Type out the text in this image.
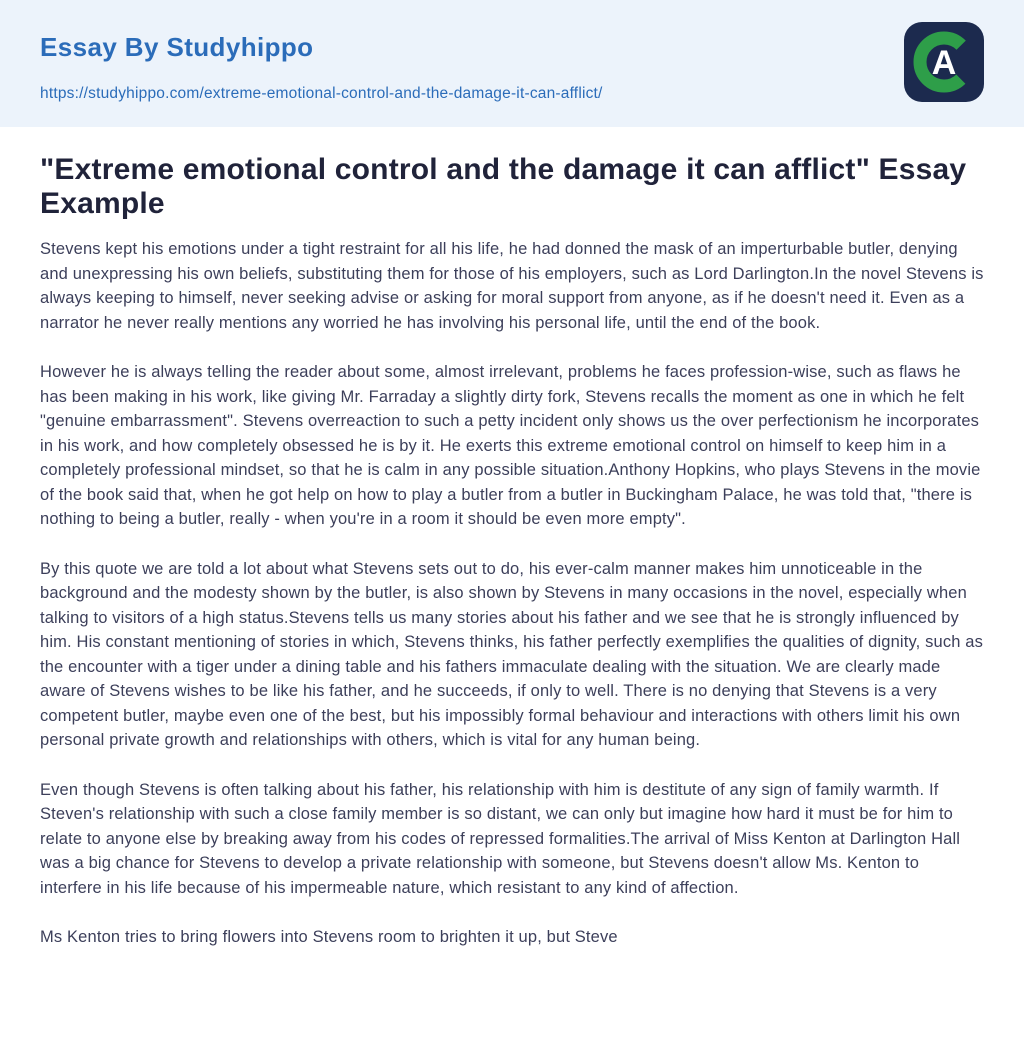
Essay By Studyhippo
https://studyhippo.com/extreme-emotional-control-and-the-damage-it-can-afflict/
A
"Extreme emotional control and the damage it can afflict" Essay Example

Stevens kept his emotions under a tight restraint for all his life, he had donned the mask of an imperturbable butler, denying and unexpressing his own beliefs, substituting them for those of his employers, such as Lord Darlington.In the novel Stevens is always keeping to himself, never seeking advise or asking for moral support from anyone, as if he doesn't need it. Even as a narrator he never really mentions any worried he has involving his personal life, until the end of the book.

However he is always telling the reader about some, almost irrelevant, problems he faces profession-wise, such as flaws he has been making in his work, like giving Mr. Farraday a slightly dirty fork, Stevens recalls the moment as one in which he felt "genuine embarrassment". Stevens overreaction to such a petty incident only shows us the over perfectionism he incorporates in his work, and how completely obsessed he is by it. He exerts this extreme emotional control on himself to keep him in a completely professional mindset, so that he is calm in any possible situation.Anthony Hopkins, who plays Stevens in the movie of the book said that, when he got help on how to play a butler from a butler in Buckingham Palace, he was told that, "there is nothing to being a butler, really - when you're in a room it should be even more empty".

By this quote we are told a lot about what Stevens sets out to do, his ever-calm manner makes him unnoticeable in the background and the modesty shown by the butler, is also shown by Stevens in many occasions in the novel, especially when talking to visitors of a high status.Stevens tells us many stories about his father and we see that he is strongly influenced by him. His constant mentioning of stories in which, Stevens thinks, his father perfectly exemplifies the qualities of dignity, such as the encounter with a tiger under a dining table and his fathers immaculate dealing with the situation. We are clearly made aware of Stevens wishes to be like his father, and he succeeds, if only to well. There is no denying that Stevens is a very competent butler, maybe even one of the best, but his impossibly formal behaviour and interactions with others limit his own personal private growth and relationships with others, which is vital for any human being.

Even though Stevens is often talking about his father, his relationship with him is destitute of any sign of family warmth. If Steven's relationship with such a close family member is so distant, we can only but imagine how hard it must be for him to relate to anyone else by breaking away from his codes of repressed formalities.The arrival of Miss Kenton at Darlington Hall was a big chance for Stevens to develop a private relationship with someone, but Stevens doesn't allow Ms. Kenton to interfere in his life because of his impermeable nature, which resistant to any kind of affection.

Ms Kenton tries to bring flowers into Stevens room to brighten it up, but Steve
